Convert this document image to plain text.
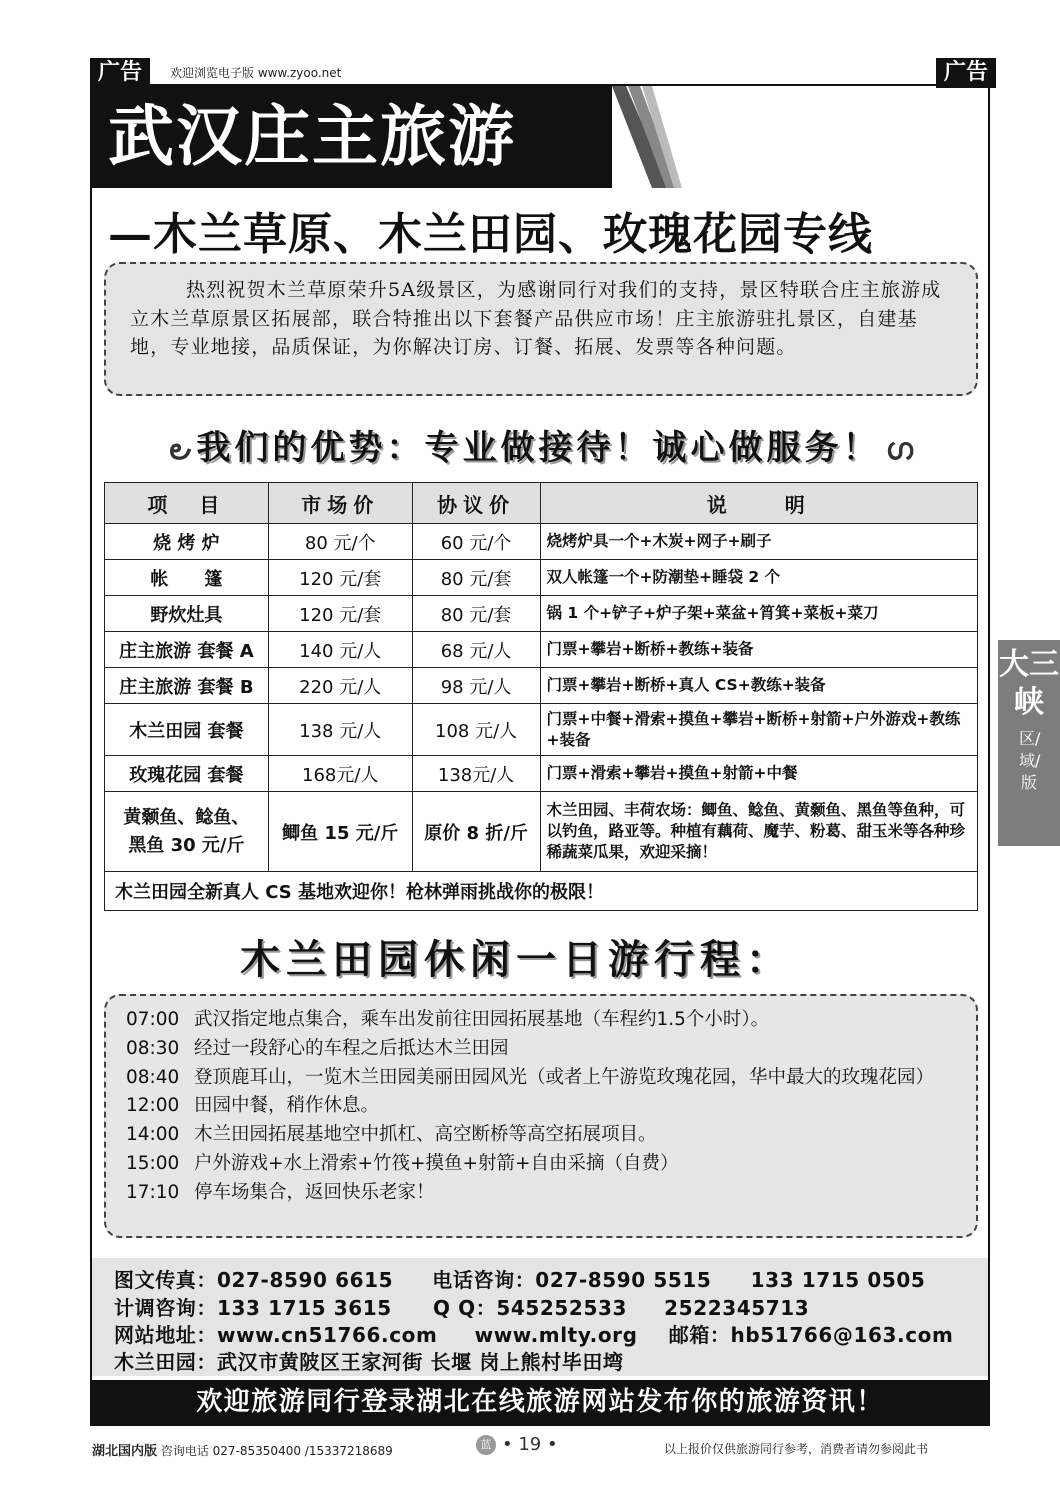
广告	欢迎浏览电子版 www.zyoo.net	广告
武汉庄主旅游
—木兰草原、木兰田园、玫瑰花园专线
热烈祝贺木兰草原荣升5A级景区，为感谢同行对我们的支持，景区特联合庄主旅游成立木兰草原景区拓展部，联合特推出以下套餐产品供应市场！庄主旅游驻扎景区，自建基地，专业地接，品质保证，为你解决订房、订餐、拓展、发票等各种问题。
౿ 我们的优势：专业做接待！诚心做服务！ ഗ
项　目	市场价	协议价	说　　明
烧 烤 炉	80 元/个	60 元/个	烧烤炉具一个+木炭+网子+刷子
帐　　篷	120 元/套	80 元/套	双人帐篷一个+防潮垫+睡袋 2 个
野炊灶具	120 元/套	80 元/套	锅 1 个+铲子+炉子架+菜盆+筲箕+菜板+菜刀
庄主旅游 套餐 A	140 元/人	68 元/人	门票+攀岩+断桥+教练+装备
庄主旅游 套餐 B	220 元/人	98 元/人	门票+攀岩+断桥+真人 CS+教练+装备
木兰田园 套餐	138 元/人	108 元/人	门票+中餐+滑索+摸鱼+攀岩+断桥+射箭+户外游戏+教练+装备
玫瑰花园 套餐	168元/人	138元/人	门票+滑索+攀岩+摸鱼+射箭+中餐
黄颡鱼、鲶鱼、黑鱼 30 元/斤	鲫鱼 15 元/斤	原价 8 折/斤	木兰田园、丰荷农场：鲫鱼、鲶鱼、黄颡鱼、黑鱼等鱼种，可以钓鱼，路亚等。种植有藕荷、魔芋、粉葛、甜玉米等各种珍稀蔬菜瓜果，欢迎采摘！
木兰田园全新真人 CS 基地欢迎你！枪林弹雨挑战你的极限！			
木兰田园休闲一日游行程：
07:00 武汉指定地点集合，乘车出发前往田园拓展基地（车程约1.5个小时）。
08:30 经过一段舒心的车程之后抵达木兰田园
08:40 登顶鹿耳山，一览木兰田园美丽田园风光（或者上午游览玫瑰花园，华中最大的玫瑰花园）
12:00 田园中餐，稍作休息。
14:00 木兰田园拓展基地空中抓杠、高空断桥等高空拓展项目。
15:00 户外游戏+水上滑索+竹筏+摸鱼+射箭+自由采摘（自费）
17:10 停车场集合，返回快乐老家！
图文传真：027-8590 6615 电话咨询：027-8590 5515 133 1715 0505
计调咨询：133 1715 3615 Q Q：545252533 2522345713
网站地址：www.cn51766.com www.mlty.org 邮箱：hb51766@163.com
木兰田园：武汉市黄陂区王家河街 长堰 岗上熊村毕田塆
欢迎旅游同行登录湖北在线旅游网站发布你的旅游资讯！
湖北国内版 咨询电话 027-85350400 /15337218689	蓝 • 19 •	以上报价仅供旅游同行参考，消费者请勿参阅此书
大三峡
区/域/版
